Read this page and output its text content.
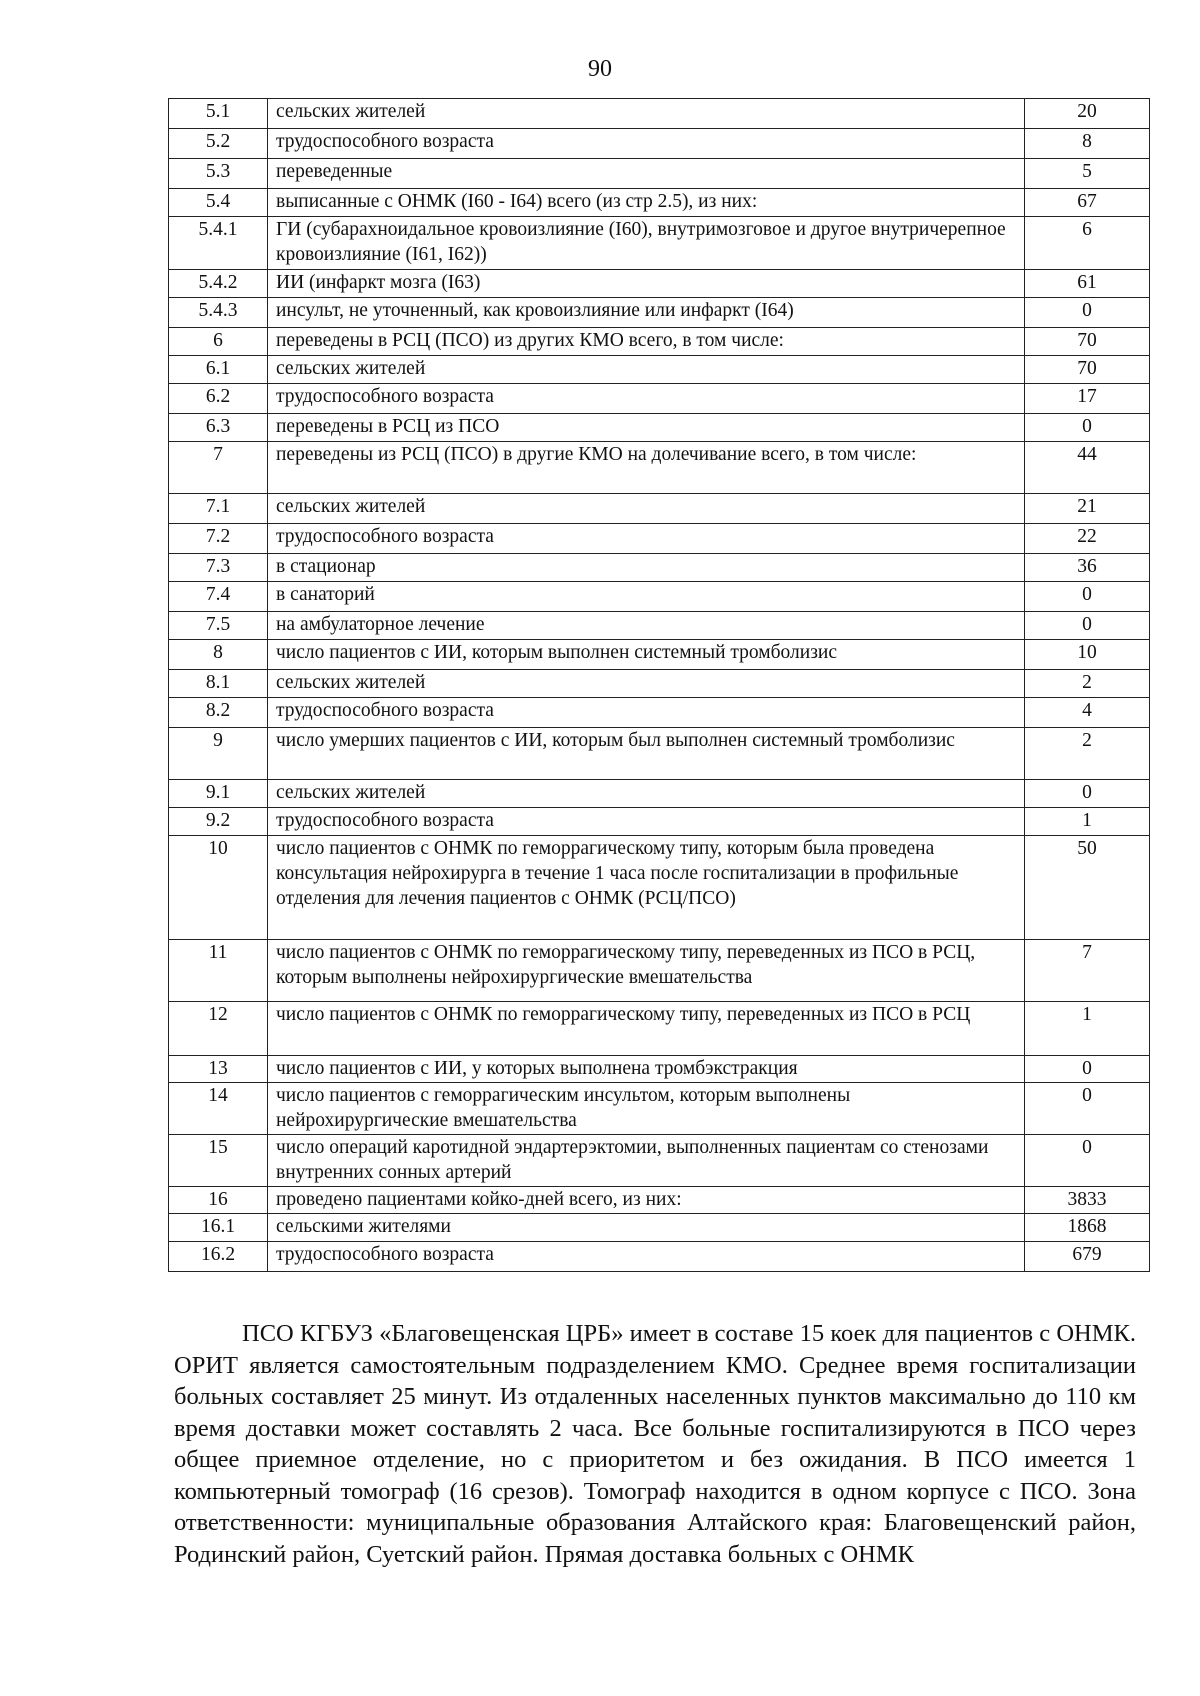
90
5.1	сельских жителей	20
5.2	трудоспособного возраста	8
5.3	переведенные	5
5.4	выписанные с ОНМК (I60 - I64) всего (из стр 2.5), из них:	67
5.4.1	ГИ (субарахноидальное кровоизлияние (I60), внутримозговое и другое внутричерепное кровоизлияние (I61, I62))	6
5.4.2	ИИ (инфаркт мозга (I63)	61
5.4.3	инсульт, не уточненный, как кровоизлияние или инфаркт (I64)	0
6	переведены в РСЦ (ПСО) из других КМО всего, в том числе:	70
6.1	сельских жителей	70
6.2	трудоспособного возраста	17
6.3	переведены в РСЦ из ПСО	0
7	переведены из РСЦ (ПСО) в другие КМО на долечивание всего, в том числе:	44
7.1	сельских жителей	21
7.2	трудоспособного возраста	22
7.3	в стационар	36
7.4	в санаторий	0
7.5	на амбулаторное лечение	0
8	число пациентов с ИИ, которым выполнен системный тромболизис	10
8.1	сельских жителей	2
8.2	трудоспособного возраста	4
9	число умерших пациентов с ИИ, которым был выполнен системный тромболизис	2
9.1	сельских жителей	0
9.2	трудоспособного возраста	1
10	число пациентов с ОНМК по геморрагическому типу, которым была проведена консультация нейрохирурга в течение 1 часа после госпитализации в профильные отделения для лечения пациентов с ОНМК (РСЦ/ПСО)	50
11	число пациентов с ОНМК по геморрагическому типу, переведенных из ПСО в РСЦ, которым выполнены нейрохирургические вмешательства	7
12	число пациентов с ОНМК по геморрагическому типу, переведенных из ПСО в РСЦ	1
13	число пациентов с ИИ, у которых выполнена тромбэкстракция	0
14	число пациентов с геморрагическим инсультом, которым выполнены нейрохирургические вмешательства	0
15	число операций каротидной эндартерэктомии, выполненных пациентам со стенозами внутренних сонных артерий	0
16	проведено пациентами койко-дней всего, из них:	3833
16.1	сельскими жителями	1868
16.2	трудоспособного возраста	679

ПСО КГБУЗ «Благовещенская ЦРБ» имеет в составе 15 коек для пациентов с ОНМК. ОРИТ является самостоятельным подразделением КМО. Среднее время госпитализации больных составляет 25 минут. Из отдаленных населенных пунктов максимально до 110 км время доставки может составлять 2 часа. Все больные госпитализируются в ПСО через общее приемное отделение, но с приоритетом и без ожидания. В ПСО имеется 1 компьютерный томограф (16 срезов). Томограф находится в одном корпусе с ПСО. Зона ответственности: муниципальные образования Алтайского края: Благовещенский район, Родинский район, Суетский район. Прямая доставка больных с ОНМК
